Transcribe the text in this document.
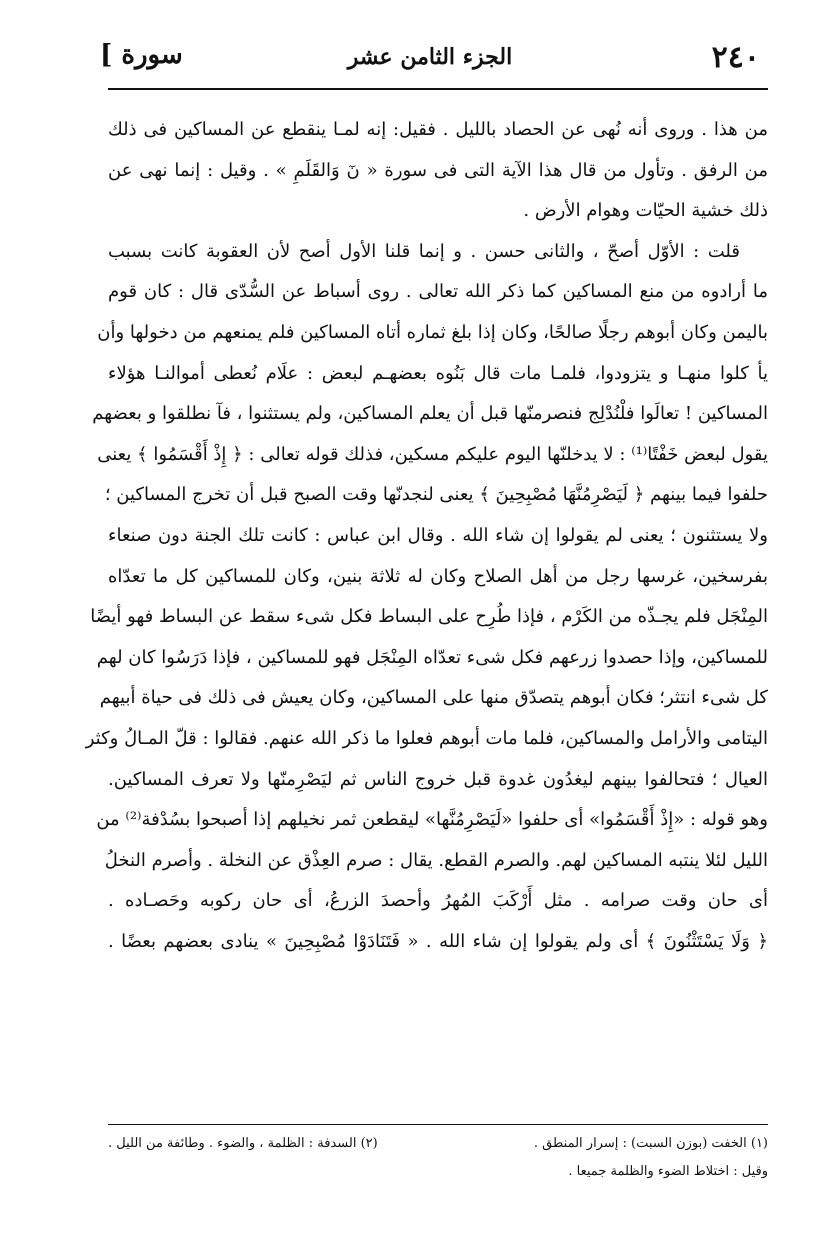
٢٤٠
الجزء الثامن عشر
سورة ]
من هذا . وروى أنه نُهى عن الحصاد بالليل . فقيل: إنه لمـا ينقطع عن المساكين فى ذلك
من الرفق . وتأول من قال هذا الآية التى فى سورة « نٓ وَالقَلَمِ » . وقيل : إنما نهى عن
ذلك خشية الحيّات وهوام الأرض .
قلت : الأوّل أصحّ ، والثانى حسن . و إنما قلنا الأول أصح لأن العقوبة كانت بسبب
ما أرادوه من منع المساكين كما ذكر الله تعالى . روى أسباط عن السُّدّى قال : كان قوم
باليمن وكان أبوهم رجلًا صالحًا، وكان إذا بلغ ثماره أتاه المساكين فلم يمنعهم من دخولها وأن
يأ كلوا منهـا و يتزودوا، فلمـا مات قال بَنُوه بعضهـم لبعض : علَام نُعطى أموالنـا هؤلاء
المساكين ! تعالَوا فلْنُدْلِج فنصرمنّها قبل أن يعلم المساكين، ولم يستثنوا ، فآ نطلقوا و بعضهم
يقول لبعض خَفْتًا⁽¹⁾ : لا يدخلنّها اليوم عليكم مسكين، فذلك قوله تعالى : ﴿ إِذْ أَقْسَمُوا ﴾ يعنى
حلفوا فيما بينهم ﴿ لَيَصْرِمُنَّهَا مُصْبِحِينَ ﴾ يعنى لنجدنّها وقت الصبح قبل أن تخرج المساكين ؛
ولا يستثنون ؛ يعنى لم يقولوا إن شاء الله . وقال ابن عباس : كانت تلك الجنة دون صنعاء
بفرسخين، غرسها رجل من أهل الصلاح وكان له ثلاثة بنين، وكان للمساكين كل ما تعدّاه
المِنْجَل فلم يجـذّه من الكَرْم ، فإذا طُرِح على البساط فكل شىء سقط عن البساط فهو أيضًا
للمساكين، وإذا حصدوا زرعهم فكل شىء تعدّاه المِنْجَل فهو للمساكين ، فإذا دَرَسُوا كان لهم
كل شىء انتثر؛ فكان أبوهم يتصدّق منها على المساكين، وكان يعيش فى ذلك فى حياة أبيهم
اليتامى والأرامل والمساكين، فلما مات أبوهم فعلوا ما ذكر الله عنهم. فقالوا : قلّ المـالُ وكثر
العيال ؛ فتحالفوا بينهم ليغدُون غدوة قبل خروج الناس ثم ليَصْرِمنّها ولا تعرف المساكين.
وهو قوله : «إِذْ أَقْسَمُوا» أى حلفوا «لَيَصْرِمُنَّها» ليقطعن ثمر نخيلهم إذا أصبحوا بسُدْفة⁽²⁾ من
الليل لئلا ينتبه المساكين لهم. والصرم القطع. يقال : صرم العِذْق عن النخلة . وأصرم النخلُ
أى حان وقت صرامه . مثل أَرْكَبَ المُهرُ وأحصدَ الزرعُ، أى حان ركوبه وحَصـاده .
﴿ وَلَا يَسْتَثْنُونَ ﴾ أى ولم يقولوا إن شاء الله . « فَتَنَادَوْا مُصْبِحِينَ » ينادى بعضهم بعضًا .
(١) الخفت (بوزن السبت) : إسرار المنطق .
(٢) السدفة : الظلمة ، والضوء . وطائفة من الليل .
وقيل : اختلاط الضوء والظلمة جميعا .
